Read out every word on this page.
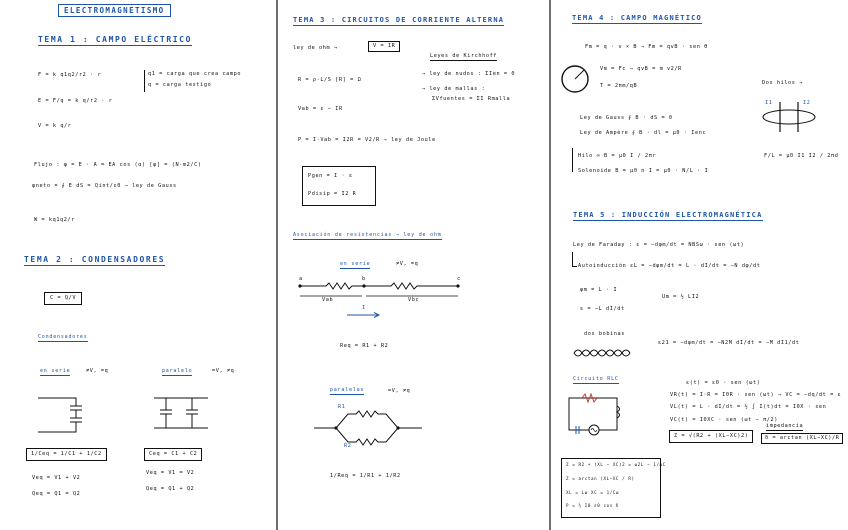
ELECTROMAGNETISMO
TEMA 1 : CAMPO ELÉCTRICO
F = k q1q2/r2 · r	q1 = carga que crea campo
q = carga testigo
E = F/q = k q/r2 · r
V = k q/r
Flujo : φ = E · A = EA cos (α) [φ] = (N·m2/C)
φneto = ∮ E dS = Qint/ε0 → ley de Gauss
W = kq1q2/r
TEMA 2 : CONDENSADORES
C = Q/V
Condensadores
en serie	≠V, =q	paralelo	=V, ≠q
1/Ceq = 1/C1 + 1/C2
Veq = V1 + V2
Qeq = Q1 = Q2
Ceq = C1 + C2
Veq = V1 = V2
Qeq = Q1 + Q2
TEMA 3 : CIRCUITOS DE CORRIENTE ALTERNA
ley de ohm →	V = IR
Leyes de Kirchhoff
R = ρ·L/S [R] = Ω
→ ley de nudos : ΣIen = 0
→ ley de mallas :
ΣVfuentes = ΣI Rmalla
Vab = ε − IR
P = I·Vab = I2R = V2/R → ley de Joule
Pgen = I · ε
Pdisip = I2 R
Asociación de resistencias → ley de ohm
en serie	≠V, =q
a	b	c
Vab	Vbc
I
Req = R1 + R2
paralelas	=V, ≠q
R1
R2
1/Req = 1/R1 + 1/R2
TEMA 4 : CAMPO MAGNÉTICO
Fm = q · v × B → Fm = qvB · sen θ
Vm = Fc → qvB = m v2/R
T = 2πm/qB	Dos hilos →
I1	I2
Ley de Gauss ∮ B · dS = 0
Ley de Ampère ∮ B · dl = μ0 · Ienc
Hilo ∞ B = μ0 I / 2πr
Solenoide B = μ0 n I = μ0 · N/L · I
F/L = μ0 I1 I2 / 2πd
TEMA 5 : INDUCCIÓN ELECTROMAGNÉTICA
Ley de Faraday : ε = −dφm/dt = NBSω · sen (ωt)
Autoinducción εL = −dφm/dt = L · dI/dt = −N dφ/dt
φm = L · I
Um = ½ LI2
ε = −L dI/dt
dos bobinas
ε21 = −dφm/dt = −N2M dI/dt = −M dI1/dt
Circuito RLC
ε(t) = ε0 · sen (ωt)
VR(t) = I·R = I0R · sen (ωt) → VC = −dq/dt = ε
VL(t) = L · dI/dt = ½ ∫ I(t)dt = I0X · sen
VC(t) = I0XC · sen (ωt − π/2)
Z = √(R2 + (XL−XC)2)
impedancia
δ = arctan (XL−XC)/R
Z = R2 + (XL − XC)2 = ω2L − 1/ωC
Z = arctan (XL−XC / R)
XL = Lω XC = 1/Cω
P = ½ I0 ε0 cos δ
